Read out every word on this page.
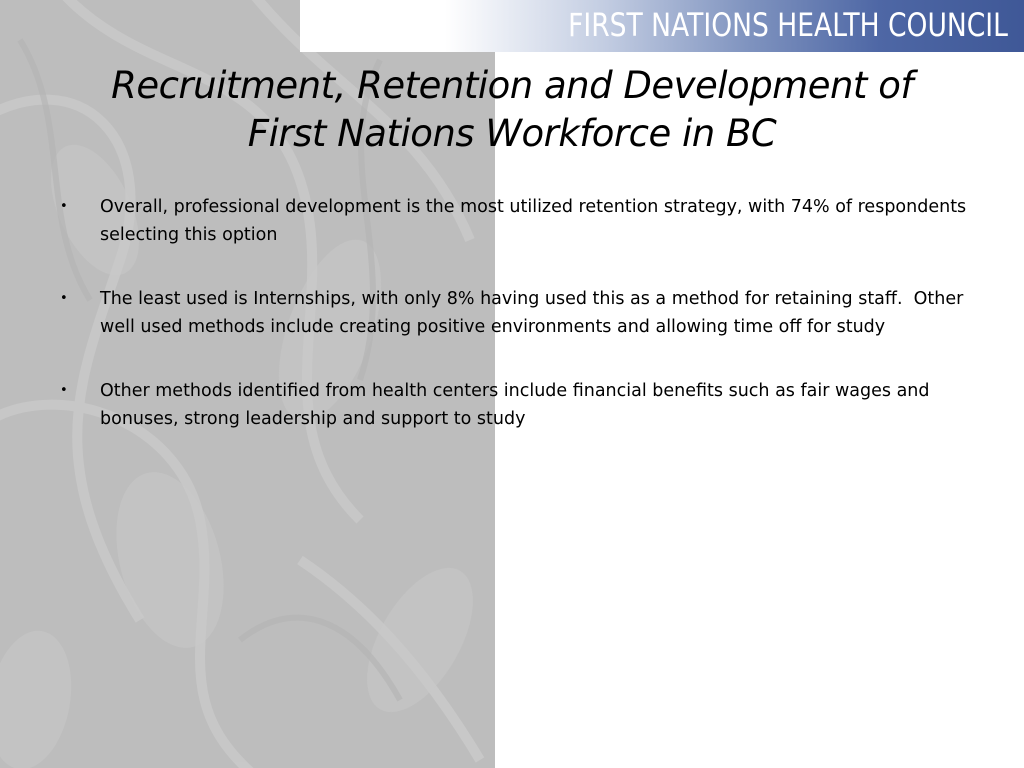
FIRST NATIONS HEALTH COUNCIL
Recruitment, Retention and Development of
First Nations Workforce in BC
• Overall, professional development is the most utilized retention strategy, with 74% of respondents selecting this option
• The least used is Internships, with only 8% having used this as a method for retaining staff.  Other well used methods include creating positive environments and allowing time off for study
• Other methods identified from health centers include financial benefits such as fair wages and bonuses, strong leadership and support to study
